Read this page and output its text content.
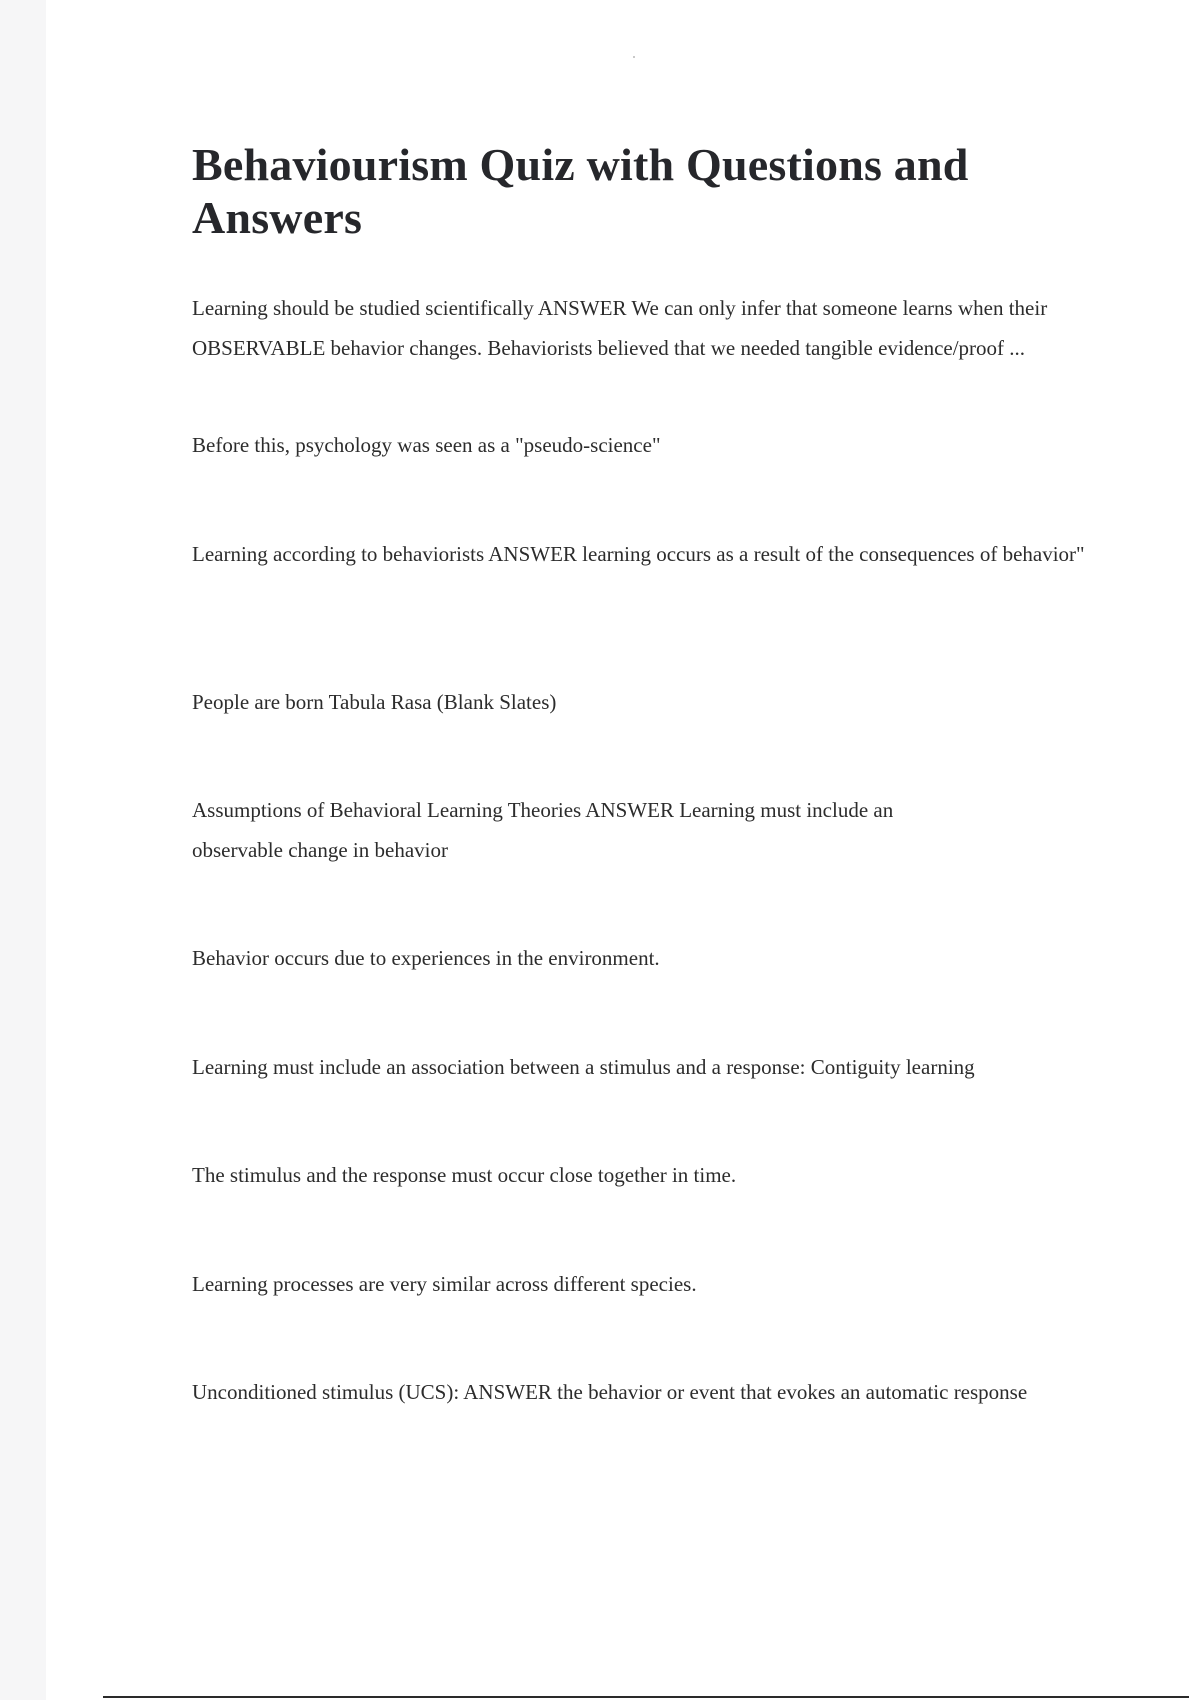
Behaviourism Quiz with Questions and Answers

Learning should be studied scientifically ANSWER We can only infer that someone learns when their OBSERVABLE behavior changes. Behaviorists believed that we needed tangible evidence/proof ...

Before this, psychology was seen as a "pseudo-science"

Learning according to behaviorists ANSWER learning occurs as a result of the consequences of behavior"

People are born Tabula Rasa (Blank Slates)

Assumptions of Behavioral Learning Theories ANSWER Learning must include an observable change in behavior

Behavior occurs due to experiences in the environment.

Learning must include an association between a stimulus and a response: Contiguity learning

The stimulus and the response must occur close together in time.

Learning processes are very similar across different species.

Unconditioned stimulus (UCS): ANSWER the behavior or event that evokes an automatic response
